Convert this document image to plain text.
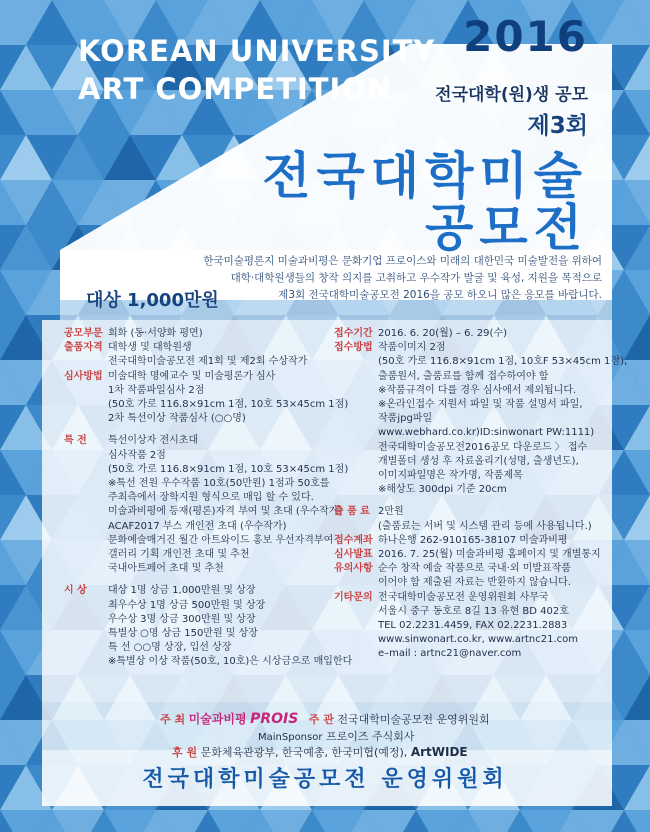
KOREAN UNIVERSITY
ART COMPETITION
2016
전국대학(원)생 공모
제3회
전국대학미술
공모전
한국미술평론지 미술과비평은 문화기업 프로이스와 미래의 대한민국 미술발전을 위하여
대학·대학원생들의 창작 의지를 고취하고 우수작가 발굴 및 육성, 지원을 목적으로
제3회 전국대학미술공모전 2016을 공모 하오니 많은 응모를 바랍니다.
대상 1,000만원
공모부문 회화 (동·서양화 평면)
출품자격 대학생 및 대학원생
전국대학미술공모전 제1회 및 제2회 수상작가
심사방법 미술대학 명예교수 및 미술평론가 심사
1차 작품파일심사 2점
(50호 가로 116.8×91cm 1점, 10호 53×45cm 1점)
2차 특선이상 작품심사 (○○명)
특 전	특선이상자 전시초대
심사작품 2점
(50호 가로 116.8×91cm 1점, 10호 53×45cm 1점)
※특선 전원 우수작품 10호(50만원) 1점과 50호를
주최측에서 장학지원 형식으로 매입 할 수 있다.
미술과비평에 등재(평론)자격 부여 및 초대 (우수작가)
ACAF2017 부스 개인전 초대 (우수작가)
문화예술매거진 월간 아트와이드 홍보 우선자격부여
갤러리 기획 개인전 초대 및 추천
국내아트페어 초대 및 추천
시 상	대상 1명 상금 1,000만원 및 상장
최우수상 1명 상금 500만원 및 상장
우수상 3명 상금 300만원 및 상장
특별상 ○명 상금 150만원 및 상장
특 선 ○○명 상장, 입선 상장
※특별상 이상 작품(50호, 10호)은 시상금으로 매입한다
접수기간 2016. 6. 20(월) – 6. 29(수)
접수방법 작품이미지 2점
(50호 가로 116.8×91cm 1점, 10호F 53×45cm 1점),
출품원서, 출품료를 함께 접수하여야 함
※작품규격이 다를 경우 심사에서 제외됩니다.
※온라인접수 지원서 파일 및 작품 설명서 파일,
작품jpg파일
www.webhard.co.kr)ID:sinwonart PW:1111)
전국대학미술공모전2016공모 다운로드 〉 접수
개별폴더 생성 후 자료올리기(성명, 출생년도),
이미지파일명은 작가명, 작품제목
※해상도 300dpi 기준 20cm
출 품 료 2만원
(출품료는 서버 및 시스템 관리 등에 사용됩니다.)
접수계좌 하나은행 262-910165-38107 미술과비평
심사발표 2016. 7. 25(월) 미술과비평 홈페이지 및 개별통지
유의사항 순수 창작 예술 작품으로 국내·외 미발표작품
이어야 함 제출된 자료는 반환하지 않습니다.
기타문의 전국대학미술공모전 운영위원회 사무국
서울시 중구 동호로 8길 13 유현 BD 402호
TEL 02.2231.4459, FAX 02.2231.2883
www.sinwonart.co.kr, www.artnc21.com
e–mail : artnc21@naver.com
주 최 미술과비평 PROIS 주 관 전국대학미술공모전 운영위원회
MainSponsor 프로이즈 주식회사
후 원 문화체육관광부, 한국예총, 한국미협(예정), ArtWIDE
전국대학미술공모전 운영위원회
